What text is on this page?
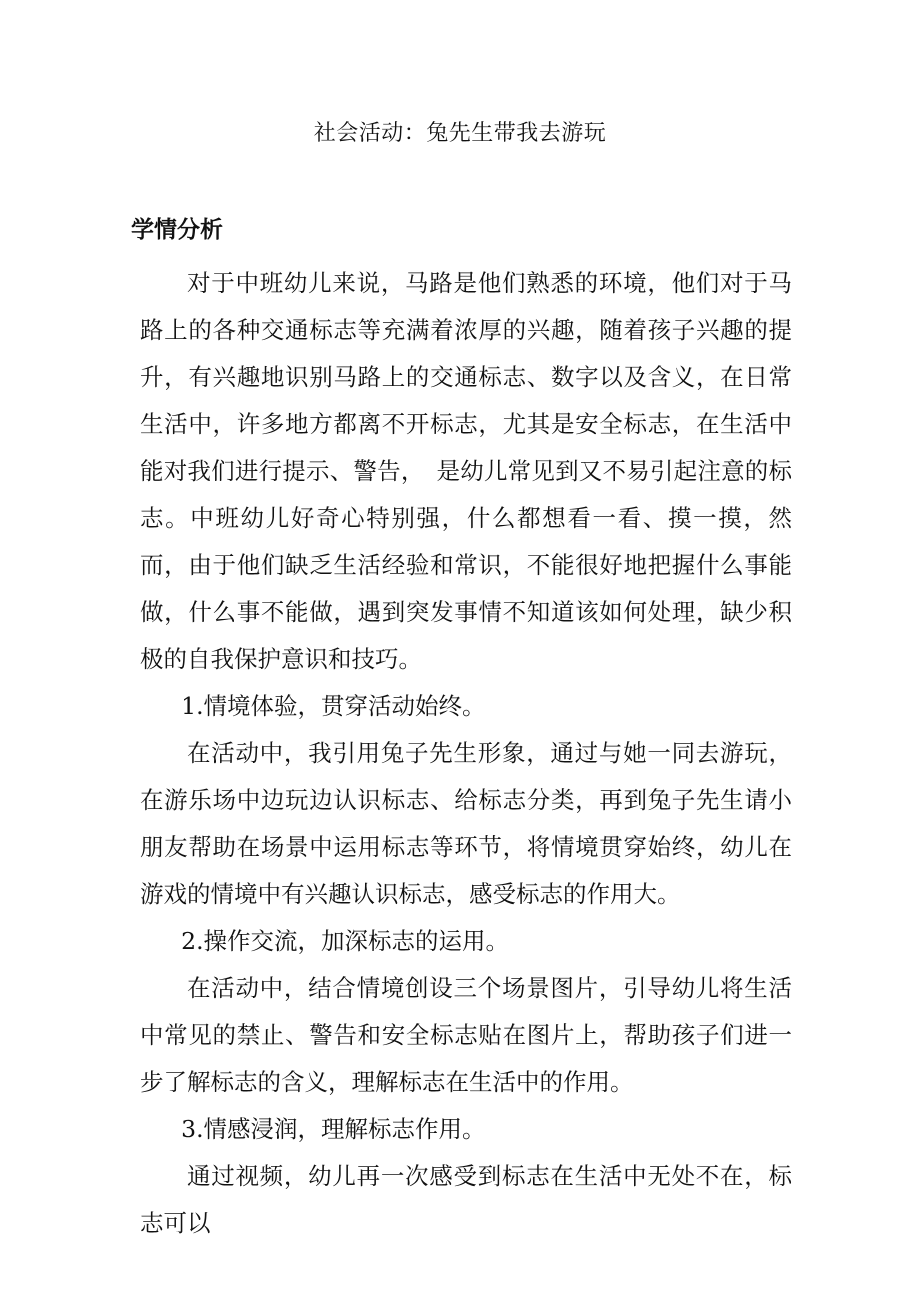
社会活动：兔先生带我去游玩
学情分析

对于中班幼儿来说，马路是他们熟悉的环境，他们对于马路上的各种交通标志等充满着浓厚的兴趣，随着孩子兴趣的提升，有兴趣地识别马路上的交通标志、数字以及含义，在日常生活中，许多地方都离不开标志，尤其是安全标志，在生活中能对我们进行提示、警告，　是幼儿常见到又不易引起注意的标志。中班幼儿好奇心特别强，什么都想看一看、摸一摸，然而，由于他们缺乏生活经验和常识，不能很好地把握什么事能做，什么事不能做，遇到突发事情不知道该如何处理，缺少积极的自我保护意识和技巧。

1.情境体验，贯穿活动始终。

在活动中，我引用兔子先生形象，通过与她一同去游玩，在游乐场中边玩边认识标志、给标志分类，再到兔子先生请小朋友帮助在场景中运用标志等环节，将情境贯穿始终，幼儿在游戏的情境中有兴趣认识标志，感受标志的作用大。

2.操作交流，加深标志的运用。

在活动中，结合情境创设三个场景图片，引导幼儿将生活中常见的禁止、警告和安全标志贴在图片上，帮助孩子们进一步了解标志的含义，理解标志在生活中的作用。

3.情感浸润，理解标志作用。

通过视频，幼儿再一次感受到标志在生活中无处不在，标志可以
